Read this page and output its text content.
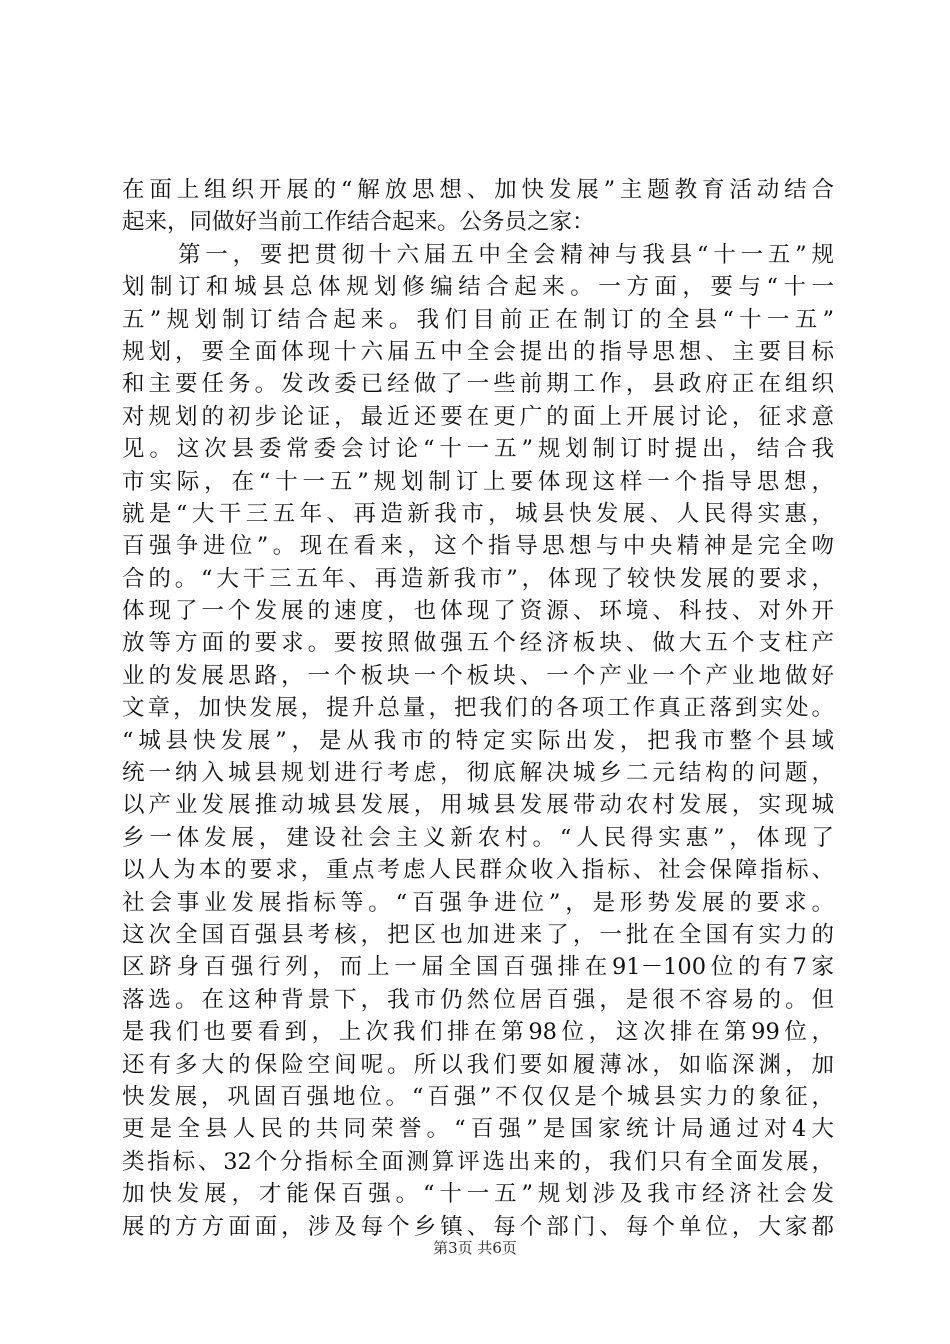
在面上组织开展的“解放思想、加快发展”主题教育活动结合
起来，同做好当前工作结合起来。公务员之家：
第一，要把贯彻十六届五中全会精神与我县“十一五”规
划制订和城县总体规划修编结合起来。一方面，要与“十一
五”规划制订结合起来。我们目前正在制订的全县“十一五”
规划，要全面体现十六届五中全会提出的指导思想、主要目标
和主要任务。发改委已经做了一些前期工作，县政府正在组织
对规划的初步论证，最近还要在更广的面上开展讨论，征求意
见。这次县委常委会讨论“十一五”规划制订时提出，结合我
市实际，在“十一五”规划制订上要体现这样一个指导思想，
就是“大干三五年、再造新我市，城县快发展、人民得实惠，
百强争进位”。现在看来，这个指导思想与中央精神是完全吻
合的。“大干三五年、再造新我市”，体现了较快发展的要求，
体现了一个发展的速度，也体现了资源、环境、科技、对外开
放等方面的要求。要按照做强五个经济板块、做大五个支柱产
业的发展思路，一个板块一个板块、一个产业一个产业地做好
文章，加快发展，提升总量，把我们的各项工作真正落到实处。
“城县快发展”，是从我市的特定实际出发，把我市整个县域
统一纳入城县规划进行考虑，彻底解决城乡二元结构的问题，
以产业发展推动城县发展，用城县发展带动农村发展，实现城
乡一体发展，建设社会主义新农村。“人民得实惠”，体现了
以人为本的要求，重点考虑人民群众收入指标、社会保障指标、
社会事业发展指标等。“百强争进位”，是形势发展的要求。
这次全国百强县考核，把区也加进来了，一批在全国有实力的
区跻身百强行列，而上一届全国百强排在91－100位的有7家
落选。在这种背景下，我市仍然位居百强，是很不容易的。但
是我们也要看到，上次我们排在第98位，这次排在第99位，
还有多大的保险空间呢。所以我们要如履薄冰，如临深渊，加
快发展，巩固百强地位。“百强”不仅仅是个城县实力的象征，
更是全县人民的共同荣誉。“百强”是国家统计局通过对4大
类指标、32个分指标全面测算评选出来的，我们只有全面发展，
加快发展，才能保百强。“十一五”规划涉及我市经济社会发
展的方方面面，涉及每个乡镇、每个部门、每个单位，大家都
第3页 共6页
